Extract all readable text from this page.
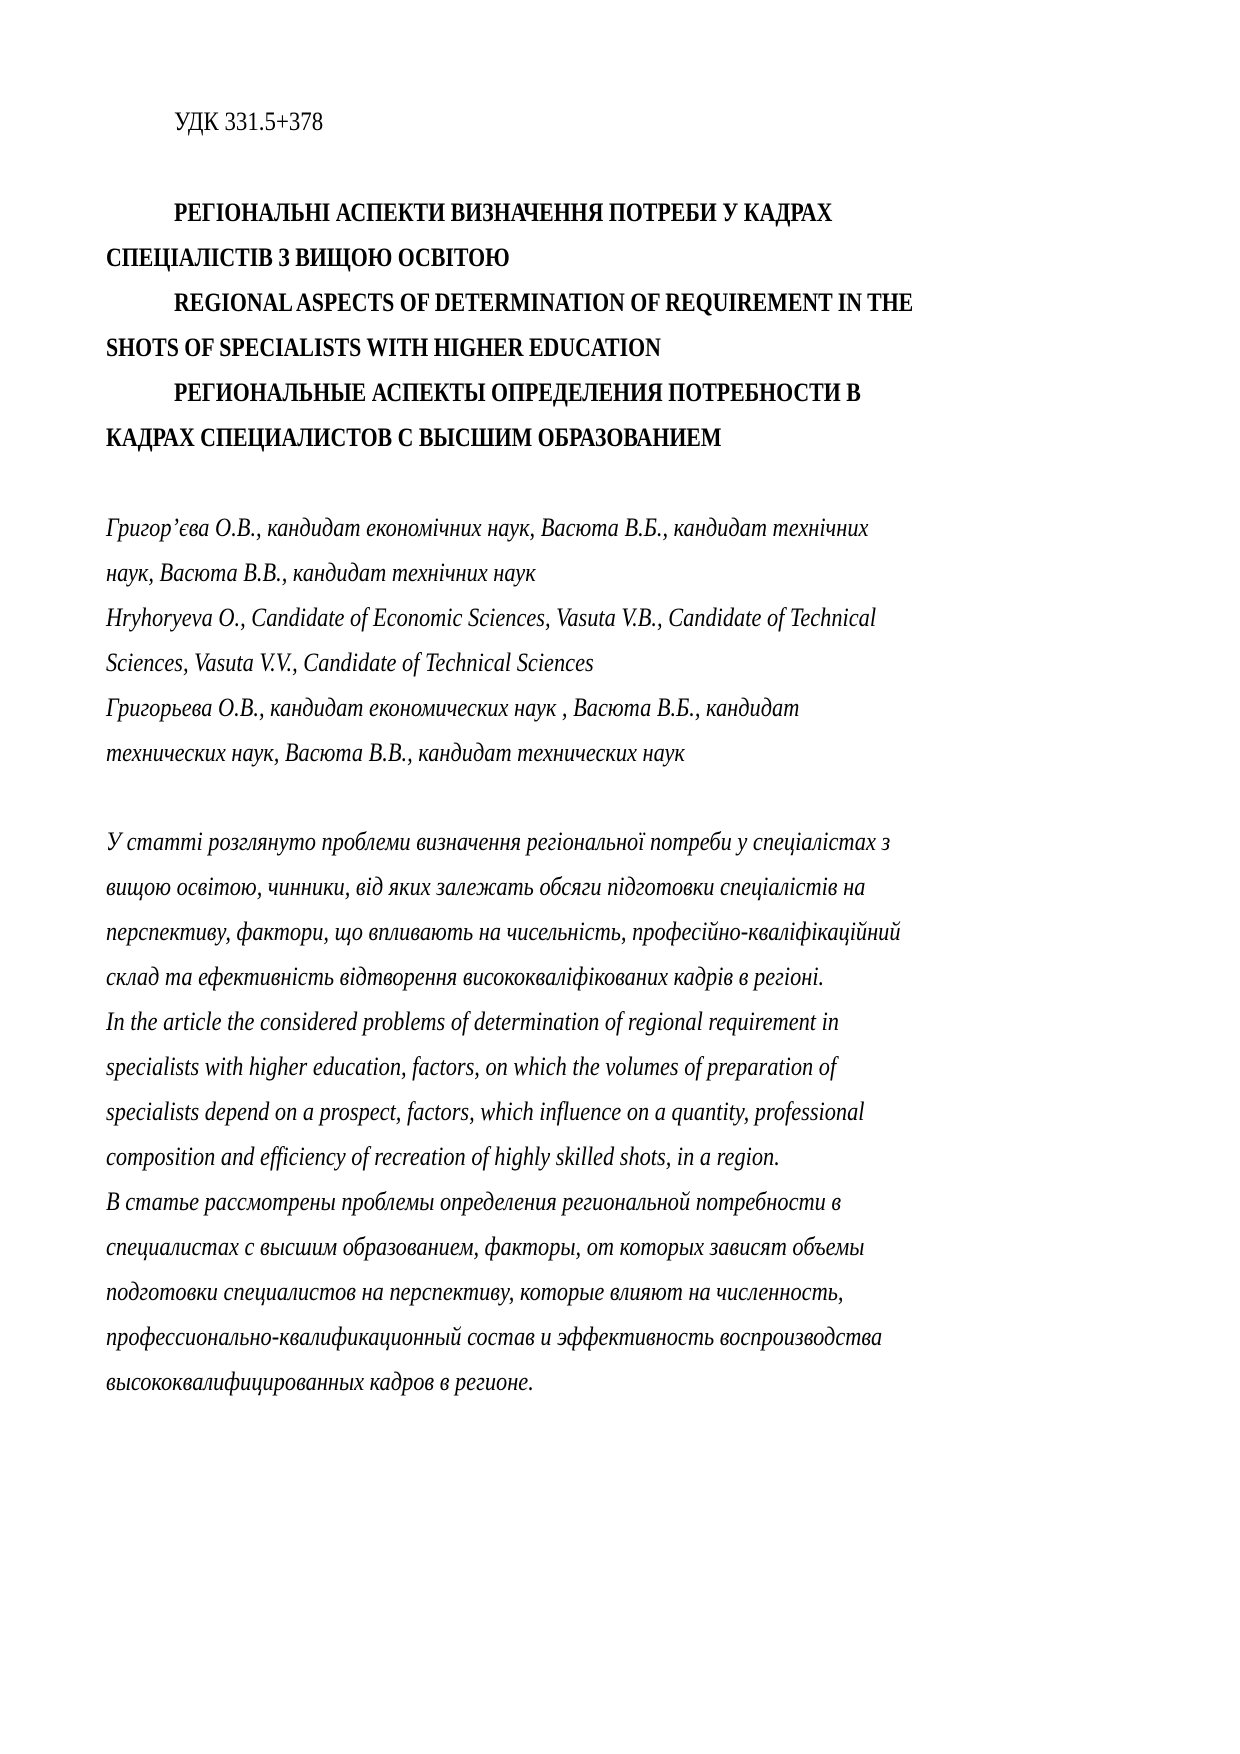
УДК 331.5+378
РЕГІОНАЛЬНІ АСПЕКТИ ВИЗНАЧЕННЯ ПОТРЕБИ У КАДРАХ
СПЕЦІАЛІСТІВ З ВИЩОЮ ОСВІТОЮ
REGIONAL ASPECTS OF DETERMINATION OF REQUIREMENT IN THE
SHOTS OF SPECIALISTS WITH HIGHER EDUCATION
РЕГИОНАЛЬНЫЕ АСПЕКТЫ ОПРЕДЕЛЕНИЯ ПОТРЕБНОСТИ В
КАДРАХ СПЕЦИАЛИСТОВ С ВЫСШИМ ОБРАЗОВАНИЕМ
Григор’єва О.В., кандидат економічних наук, Васюта В.Б., кандидат технічних
наук, Васюта В.В., кандидат технічних наук
Hryhoryeva O., Candidate of Economic Sciences, Vasuta V.B., Candidate of Technical
Sciences, Vasuta V.V., Candidate of Technical Sciences
Григорьева О.В., кандидат економических наук , Васюта В.Б., кандидат
технических наук, Васюта В.В., кандидат технических наук
У статті розглянуто проблеми визначення регіональної потреби у спеціалістах з
вищою освітою, чинники, від яких залежать обсяги підготовки спеціалістів на
перспективу, фактори, що впливають на чисельність, професійно-кваліфікаційний
склад та ефективність відтворення висококваліфікованих кадрів в регіоні.
In the article the considered problems of determination of regional requirement in
specialists with higher education, factors, on which the volumes of preparation of
specialists depend on a prospect, factors, which influence on a quantity, professional
composition and efficiency of recreation of highly skilled shots, in a region.
В статье рассмотрены проблемы определения региональной потребности в
специалистах с высшим образованием, факторы, от которых зависят объемы
подготовки специалистов на перспективу, которые влияют на численность,
профессионально-квалификационный состав и эффективность воспроизводства
высококвалифицированных кадров в регионе.
